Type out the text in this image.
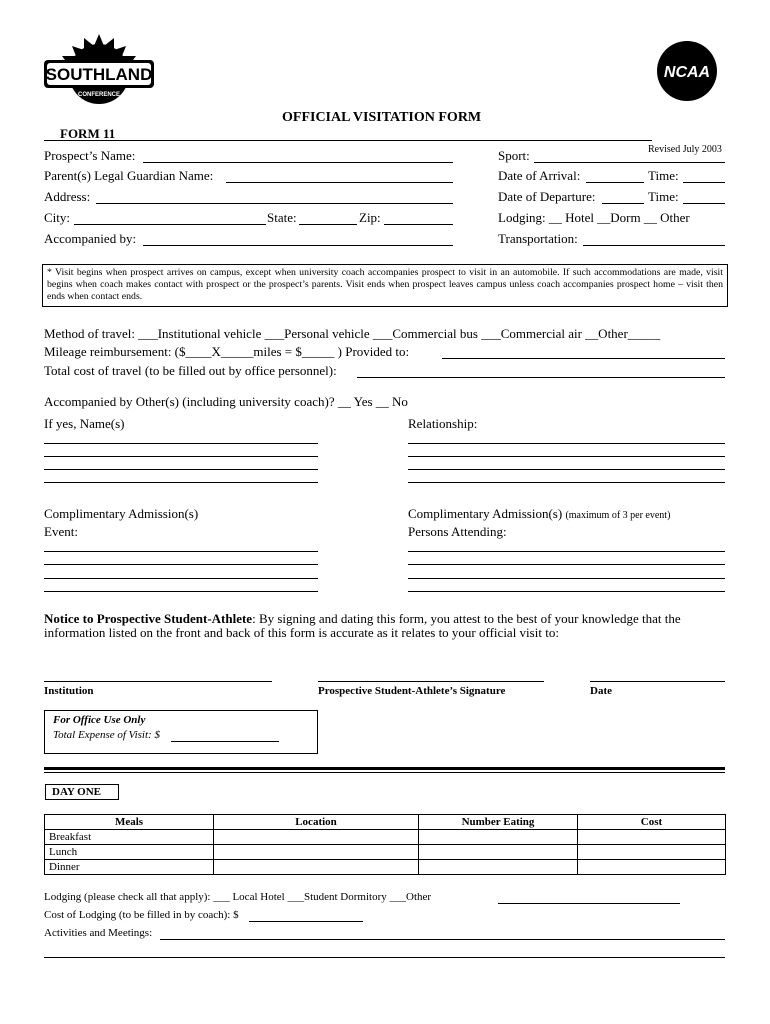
SOUTHLAND
CONFERENCE
NCAA
OFFICIAL VISITATION FORM
FORM 11
Revised July 2003
Prospect’s Name:
Parent(s) Legal Guardian Name:
Address:
City:	State:	Zip:
Accompanied by:
Sport:
Date of Arrival:	Time:
Date of Departure:	Time:
Lodging: __ Hotel __Dorm __ Other
Transportation:
* Visit begins when prospect arrives on campus, except when university coach accompanies prospect to visit in an automobile. If such accommodations are made, visit begins when coach makes contact with prospect or the prospect’s parents. Visit ends when prospect leaves campus unless coach accompanies prospect home – visit then ends when contact ends.
Method of travel: ___Institutional vehicle ___Personal vehicle ___Commercial bus ___Commercial air __Other_____
Mileage reimbursement: ($____X_____miles = $_____ ) Provided to:
Total cost of travel (to be filled out by office personnel):
Accompanied by Other(s) (including university coach)? __ Yes __ No
If yes, Name(s)	Relationship:
Complimentary Admission(s)
Event:
Complimentary Admission(s) (maximum of 3 per event)
Persons Attending:
Notice to Prospective Student-Athlete: By signing and dating this form, you attest to the best of your knowledge that the information listed on the front and back of this form is accurate as it relates to your official visit to:
Institution	Prospective Student-Athlete’s Signature	Date
For Office Use Only
Total Expense of Visit: $
DAY ONE
Meals	Location	Number Eating	Cost
Breakfast			
Lunch			
Dinner			
Lodging (please check all that apply): ___ Local Hotel ___Student Dormitory ___Other
Cost of Lodging (to be filled in by coach): $
Activities and Meetings:
